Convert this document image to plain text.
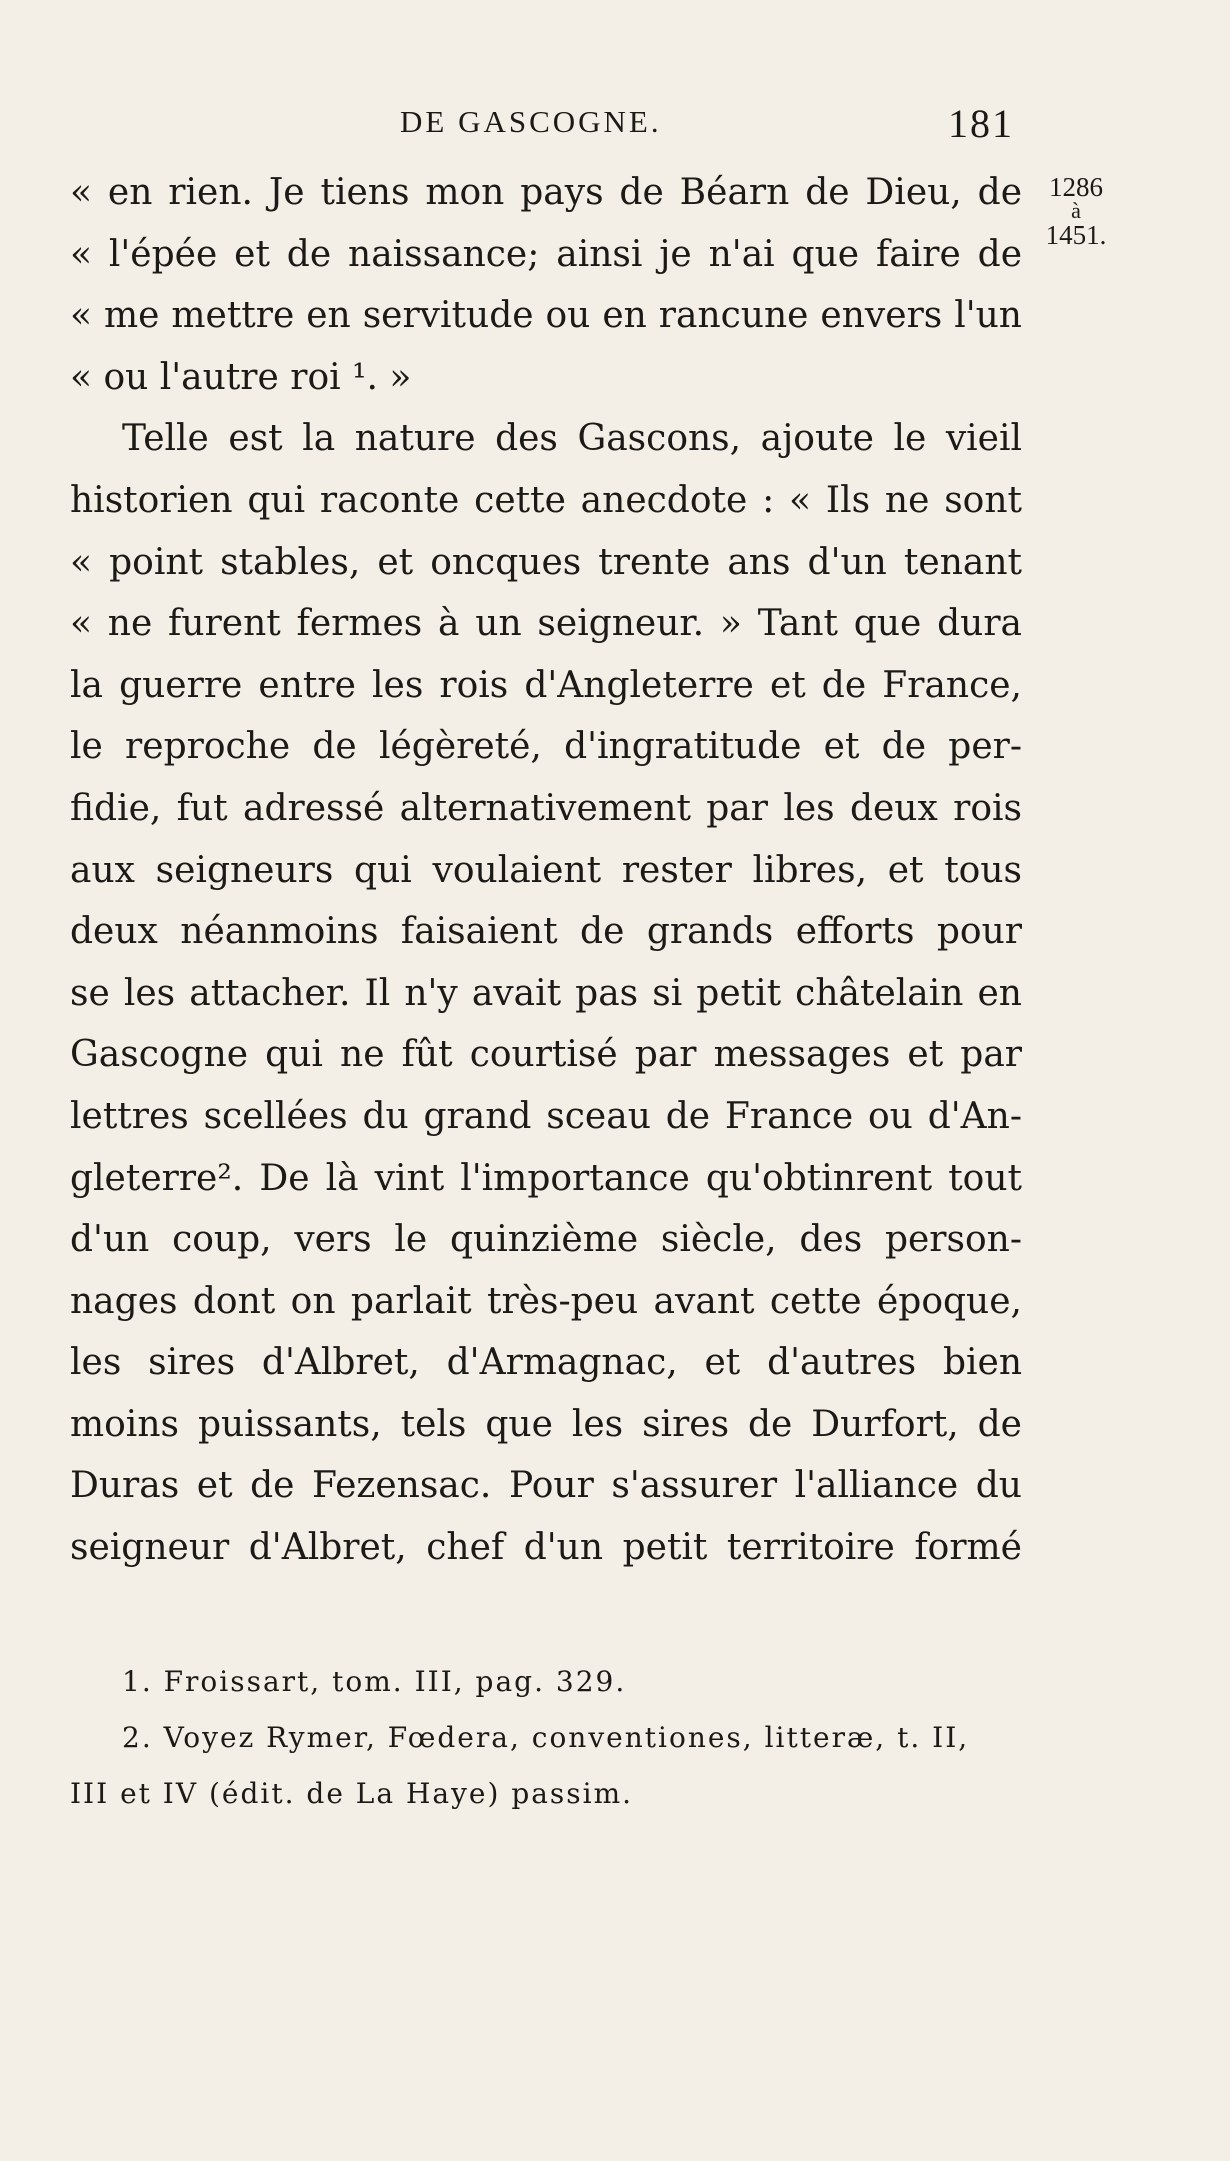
DE GASCOGNE.	181
1286
à
1451.
« en rien. Je tiens mon pays de Béarn de Dieu, de
« l'épée et de naissance; ainsi je n'ai que faire de
« me mettre en servitude ou en rancune envers l'un
« ou l'autre roi ¹. »
Telle est la nature des Gascons, ajoute le vieil
historien qui raconte cette anecdote : « Ils ne sont
« point stables, et oncques trente ans d'un tenant
« ne furent fermes à un seigneur. » Tant que dura
la guerre entre les rois d'Angleterre et de France,
le reproche de légèreté, d'ingratitude et de per-
fidie, fut adressé alternativement par les deux rois
aux seigneurs qui voulaient rester libres, et tous
deux néanmoins faisaient de grands efforts pour
se les attacher. Il n'y avait pas si petit châtelain en
Gascogne qui ne fût courtisé par messages et par
lettres scellées du grand sceau de France ou d'An-
gleterre². De là vint l'importance qu'obtinrent tout
d'un coup, vers le quinzième siècle, des person-
nages dont on parlait très-peu avant cette époque,
les sires d'Albret, d'Armagnac, et d'autres bien
moins puissants, tels que les sires de Durfort, de
Duras et de Fezensac. Pour s'assurer l'alliance du
seigneur d'Albret, chef d'un petit territoire formé
1. Froissart, tom. III, pag. 329.
2. Voyez Rymer, Fœdera, conventiones, litteræ, t. II,
III et IV (édit. de La Haye) passim.
